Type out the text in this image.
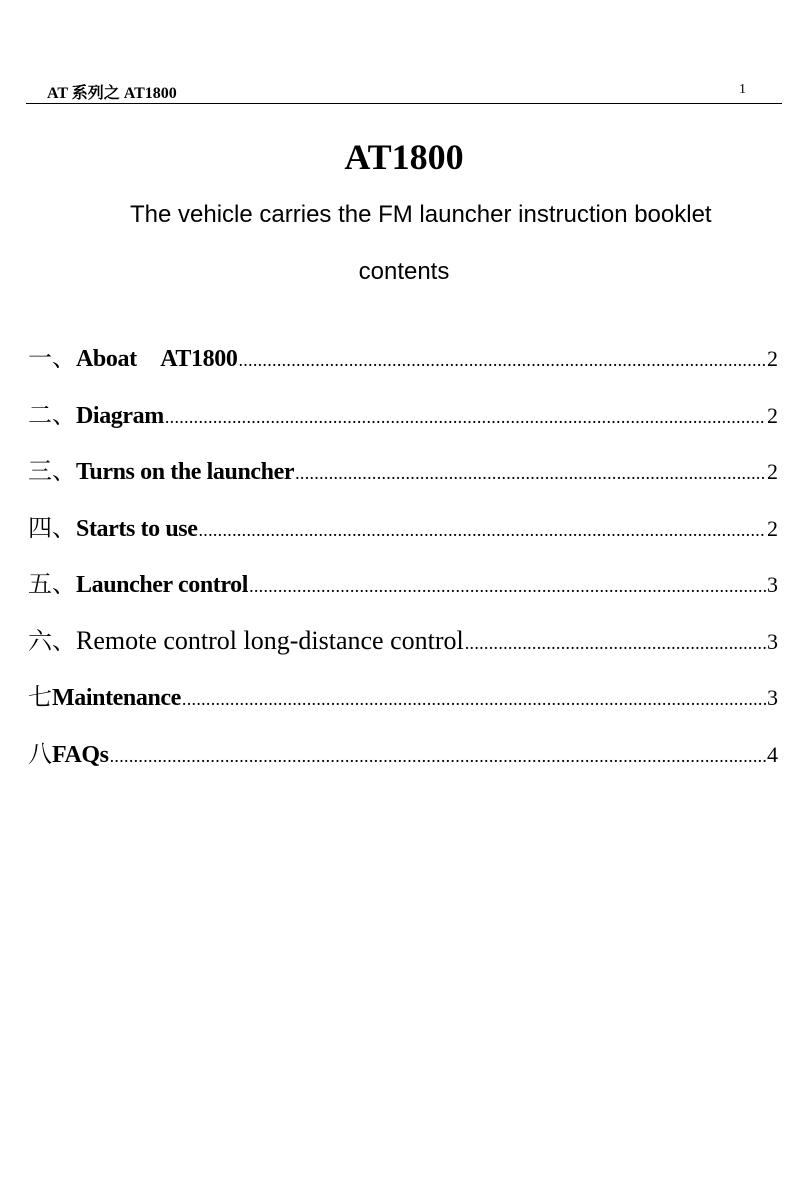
AT 系列之 AT1800	1
AT1800
The vehicle carries the FM launcher instruction booklet
contents
一 、 Aboat　AT1800 .....	2
二 、 Diagram .....	2
三 、 Turns on the launcher .....	2
四 、 Starts to use .....	2
五 、 Launcher control .....	3
六 、 Remote control long-distance control .....	3
七 Maintenance .....	3
八 FAQs .....	4
